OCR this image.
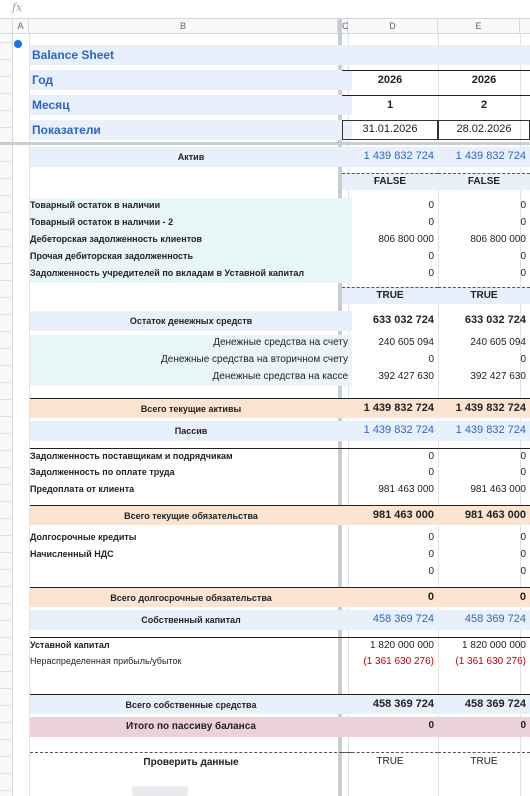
fx
A	B	C	D	E
Balance Sheet
Год	2026	2026
Месяц	1	2
Показатели	31.01.2026	28.02.2026
Актив	1 439 832 724	1 439 832 724
FALSE	FALSE
Товарный остаток в наличии	0	0
Товарный остаток в наличии - 2	0	0
Дебеторская задолженность клиентов	806 800 000	806 800 000
Прочая дебиторская задолженность	0	0
Задолженность учредителей по вкладам в Уставной капитал	0	0
TRUE	TRUE
Остаток денежных средств	633 032 724	633 032 724
Денежные средства на счету	240 605 094	240 605 094
Денежные средства на вторичном счету	0	0
Денежные средства на кассе	392 427 630	392 427 630
Всего текущие активы	1 439 832 724	1 439 832 724
Пассив	1 439 832 724	1 439 832 724
Задолженность поставщикам и подрядчикам	0	0
Задолженность по оплате труда	0	0
Предоплата от клиента	981 463 000	981 463 000
Всего текущие обязательства	981 463 000	981 463 000
Долгосрочные кредиты	0	0
Начисленный НДС	0	0
0	0
Всего долгосрочные обязательства	0	0
Собственный капитал	458 369 724	458 369 724
Уставной капитал	1 820 000 000	1 820 000 000
Нераспределенная прибыль/убыток	(1 361 630 276)	(1 361 630 276)
Всего собственные средства	458 369 724	458 369 724
Итого по пассиву баланса	0	0
Проверить данные	TRUE	TRUE
